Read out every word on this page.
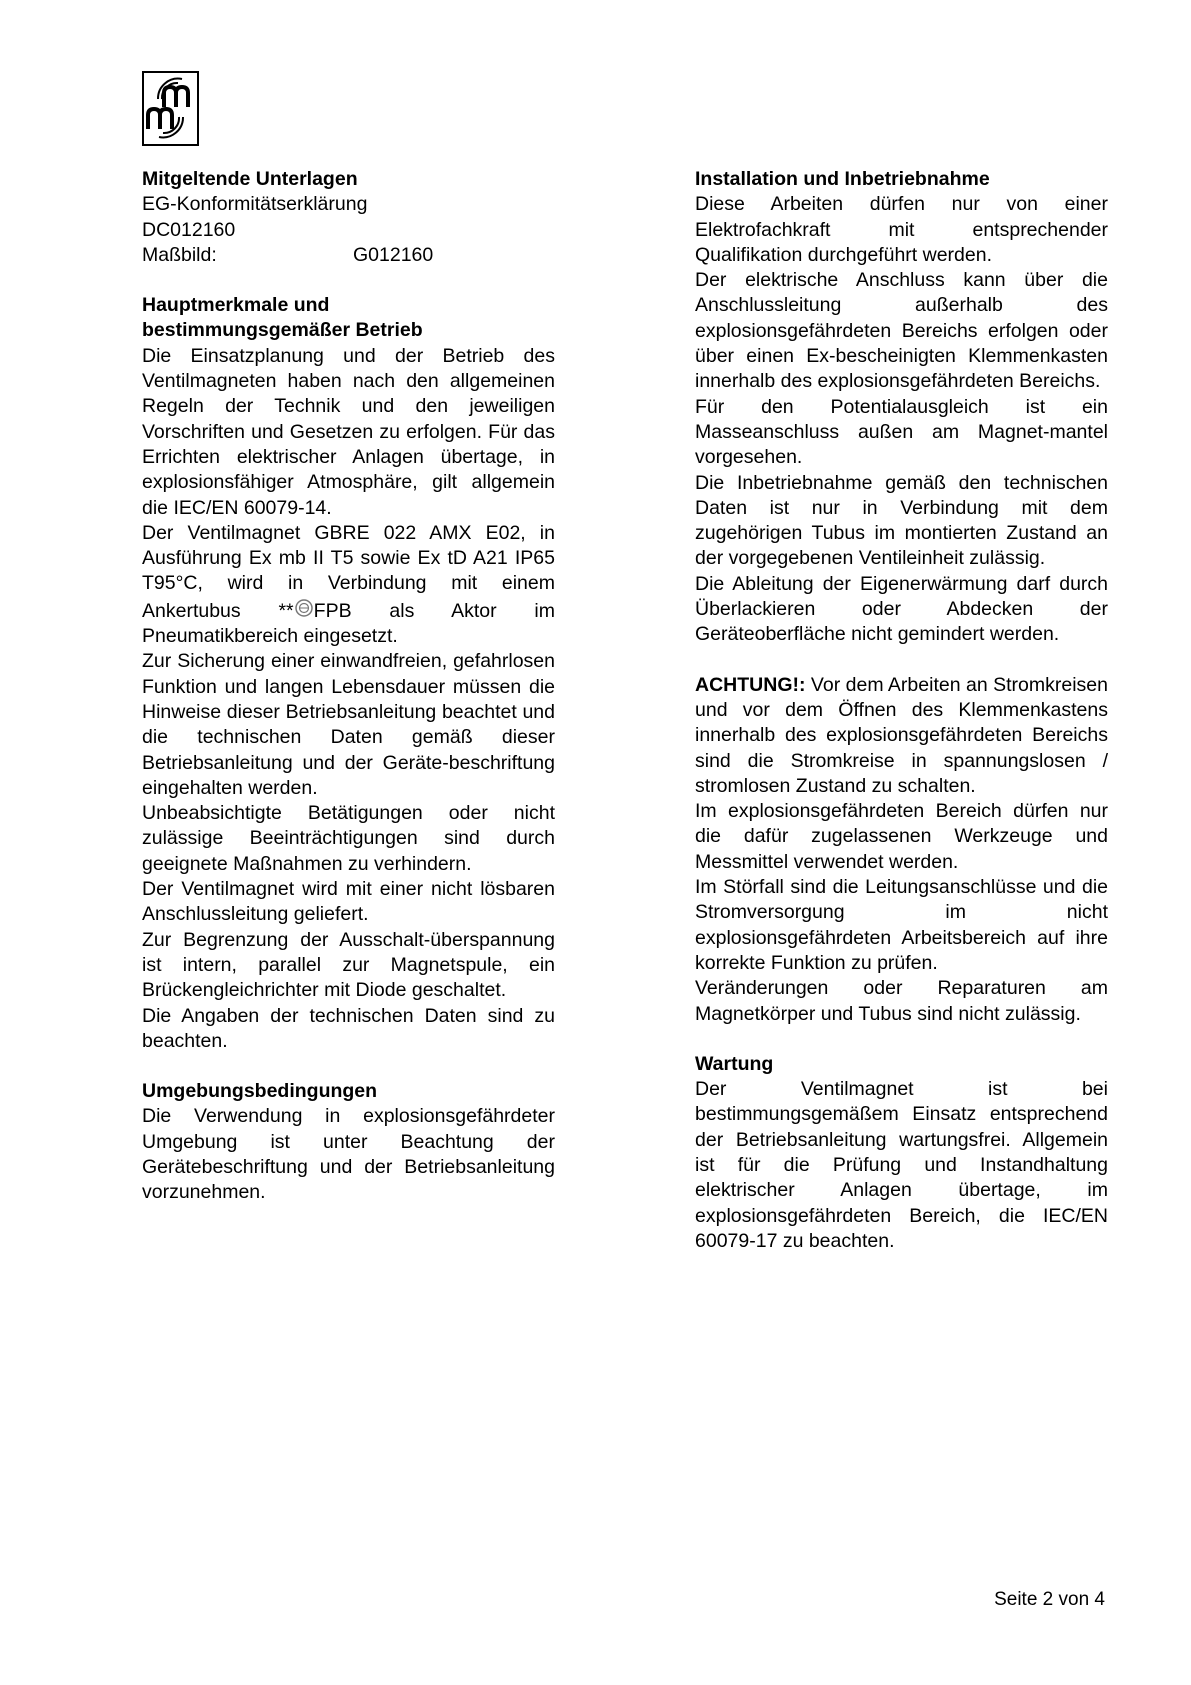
Mitgeltende Unterlagen

EG-Konformitätserklärung

DC012160

Maßbild:	G012160

Hauptmerkmale und

bestimmungsgemäßer Betrieb

Die Einsatzplanung und der Betrieb des Ventilmagneten haben nach den allgemeinen Regeln der Technik und den jeweiligen Vorschriften und Gesetzen zu erfolgen. Für das Errichten elektrischer Anlagen übertage, in explosionsfähiger Atmosphäre, gilt allgemein die IEC/EN 60079-14.

Der Ventilmagnet GBRE 022 AMX E02, in Ausführung Ex mb II T5 sowie Ex tD A21 IP65 T95°C, wird in Verbindung mit einem Ankertubus ** FPB als Aktor im Pneumatikbereich eingesetzt.

Zur Sicherung einer einwandfreien, gefahrlosen Funktion und langen Lebensdauer müssen die Hinweise dieser Betriebsanleitung beachtet und die technischen Daten gemäß dieser Betriebsanleitung und der Geräte-beschriftung eingehalten werden.

Unbeabsichtigte Betätigungen oder nicht zulässige Beeinträchtigungen sind durch geeignete Maßnahmen zu verhindern.

Der Ventilmagnet wird mit einer nicht lösbaren Anschlussleitung geliefert.

Zur Begrenzung der Ausschalt-überspannung ist intern, parallel zur Magnetspule, ein Brückengleichrichter mit Diode geschaltet.

Die Angaben der technischen Daten sind zu beachten.

Umgebungsbedingungen

Die Verwendung in explosionsgefährdeter Umgebung ist unter Beachtung der Gerätebeschriftung und der Betriebsanleitung vorzunehmen.

Installation und Inbetriebnahme

Diese Arbeiten dürfen nur von einer Elektrofachkraft mit entsprechender Qualifikation durchgeführt werden.

Der elektrische Anschluss kann über die Anschlussleitung außerhalb des explosionsgefährdeten Bereichs erfolgen oder über einen Ex-bescheinigten Klemmenkasten innerhalb des explosionsgefährdeten Bereichs.

Für den Potentialausgleich ist ein Masseanschluss außen am Magnet-mantel vorgesehen.

Die Inbetriebnahme gemäß den technischen Daten ist nur in Verbindung mit dem zugehörigen Tubus im montierten Zustand an der vorgegebenen Ventileinheit zulässig.

Die Ableitung der Eigenerwärmung darf durch Überlackieren oder Abdecken der Geräteoberfläche nicht gemindert werden.

ACHTUNG!: Vor dem Arbeiten an Stromkreisen und vor dem Öffnen des Klemmenkastens innerhalb des explosionsgefährdeten Bereichs sind die Stromkreise in spannungslosen / stromlosen Zustand zu schalten.

Im explosionsgefährdeten Bereich dürfen nur die dafür zugelassenen Werkzeuge und Messmittel verwendet werden.

Im Störfall sind die Leitungsanschlüsse und die Stromversorgung im nicht explosionsgefährdeten Arbeitsbereich auf ihre korrekte Funktion zu prüfen.

Veränderungen oder Reparaturen am Magnetkörper und Tubus sind nicht zulässig.

Wartung

Der Ventilmagnet ist bei bestimmungsgemäßem Einsatz entsprechend der Betriebsanleitung wartungsfrei. Allgemein ist für die Prüfung und Instandhaltung elektrischer Anlagen übertage, im explosionsgefährdeten Bereich, die IEC/EN 60079-17 zu beachten.

Seite 2 von 4
